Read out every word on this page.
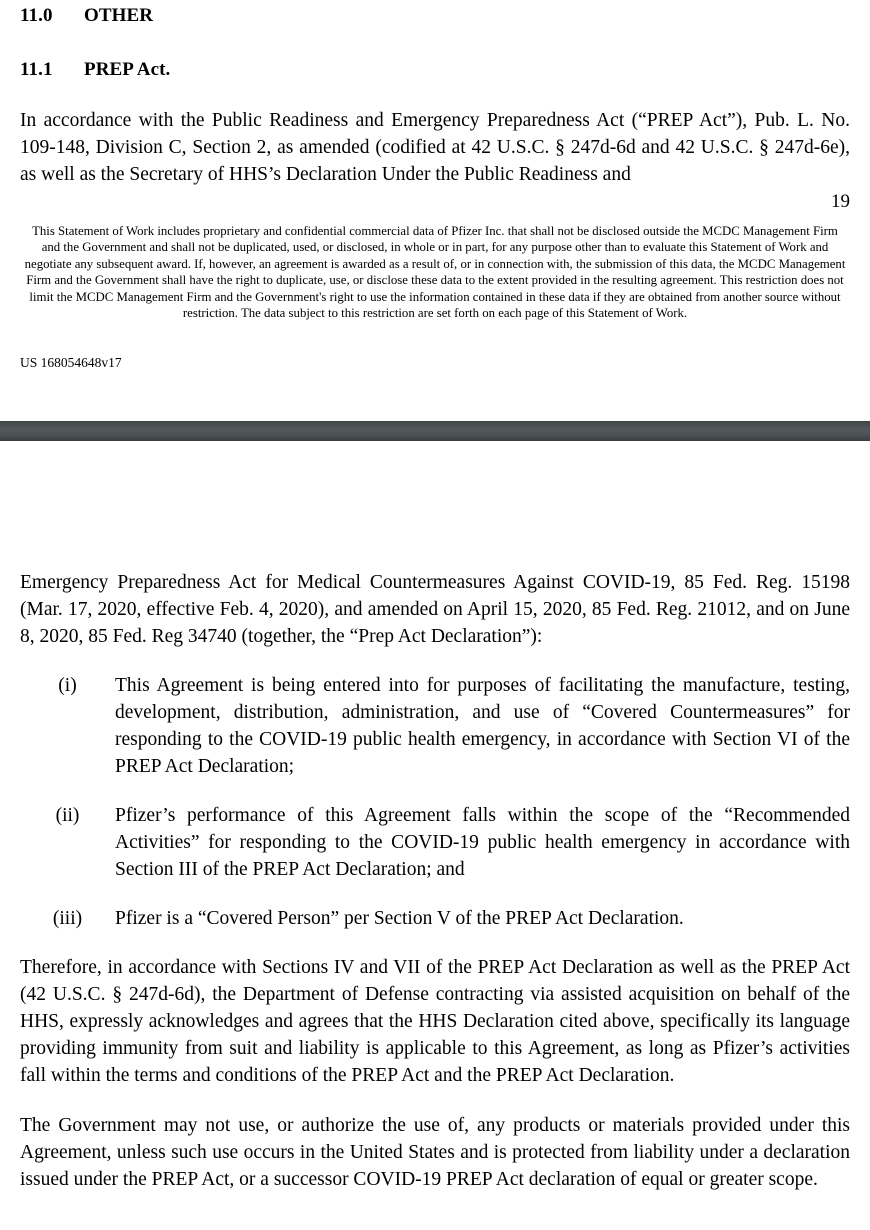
11.0	OTHER
11.1	PREP Act.

In accordance with the Public Readiness and Emergency Preparedness Act (“PREP Act”), Pub. L. No. 109-148, Division C, Section 2, as amended (codified at 42 U.S.C. § 247d-6d and 42 U.S.C. § 247d-6e), as well as the Secretary of HHS’s Declaration Under the Public Readiness and

19

This Statement of Work includes proprietary and confidential commercial data of Pfizer Inc. that shall not be disclosed outside the MCDC Management Firm and the Government and shall not be duplicated, used, or disclosed, in whole or in part, for any purpose other than to evaluate this Statement of Work and negotiate any subsequent award. If, however, an agreement is awarded as a result of, or in connection with, the submission of this data, the MCDC Management Firm and the Government shall have the right to duplicate, use, or disclose these data to the extent provided in the resulting agreement. This restriction does not limit the MCDC Management Firm and the Government's right to use the information contained in these data if they are obtained from another source without restriction. The data subject to this restriction are set forth on each page of this Statement of Work.

US 168054648v17

Emergency Preparedness Act for Medical Countermeasures Against COVID-19, 85 Fed. Reg. 15198 (Mar. 17, 2020, effective Feb. 4, 2020), and amended on April 15, 2020, 85 Fed. Reg. 21012, and on June 8, 2020, 85 Fed. Reg 34740 (together, the “Prep Act Declaration”):

(i)	This Agreement is being entered into for purposes of facilitating the manufacture, testing, development, distribution, administration, and use of “Covered Countermeasures” for responding to the COVID-19 public health emergency, in accordance with Section VI of the PREP Act Declaration;
(ii)	Pfizer’s performance of this Agreement falls within the scope of the “Recommended Activities” for responding to the COVID-19 public health emergency in accordance with Section III of the PREP Act Declaration; and
(iii)	Pfizer is a “Covered Person” per Section V of the PREP Act Declaration.

Therefore, in accordance with Sections IV and VII of the PREP Act Declaration as well as the PREP Act (42 U.S.C. § 247d-6d), the Department of Defense contracting via assisted acquisition on behalf of the HHS, expressly acknowledges and agrees that the HHS Declaration cited above, specifically its language providing immunity from suit and liability is applicable to this Agreement, as long as Pfizer’s activities fall within the terms and conditions of the PREP Act and the PREP Act Declaration.

The Government may not use, or authorize the use of, any products or materials provided under this Agreement, unless such use occurs in the United States and is protected from liability under a declaration issued under the PREP Act, or a successor COVID-19 PREP Act declaration of equal or greater scope.
